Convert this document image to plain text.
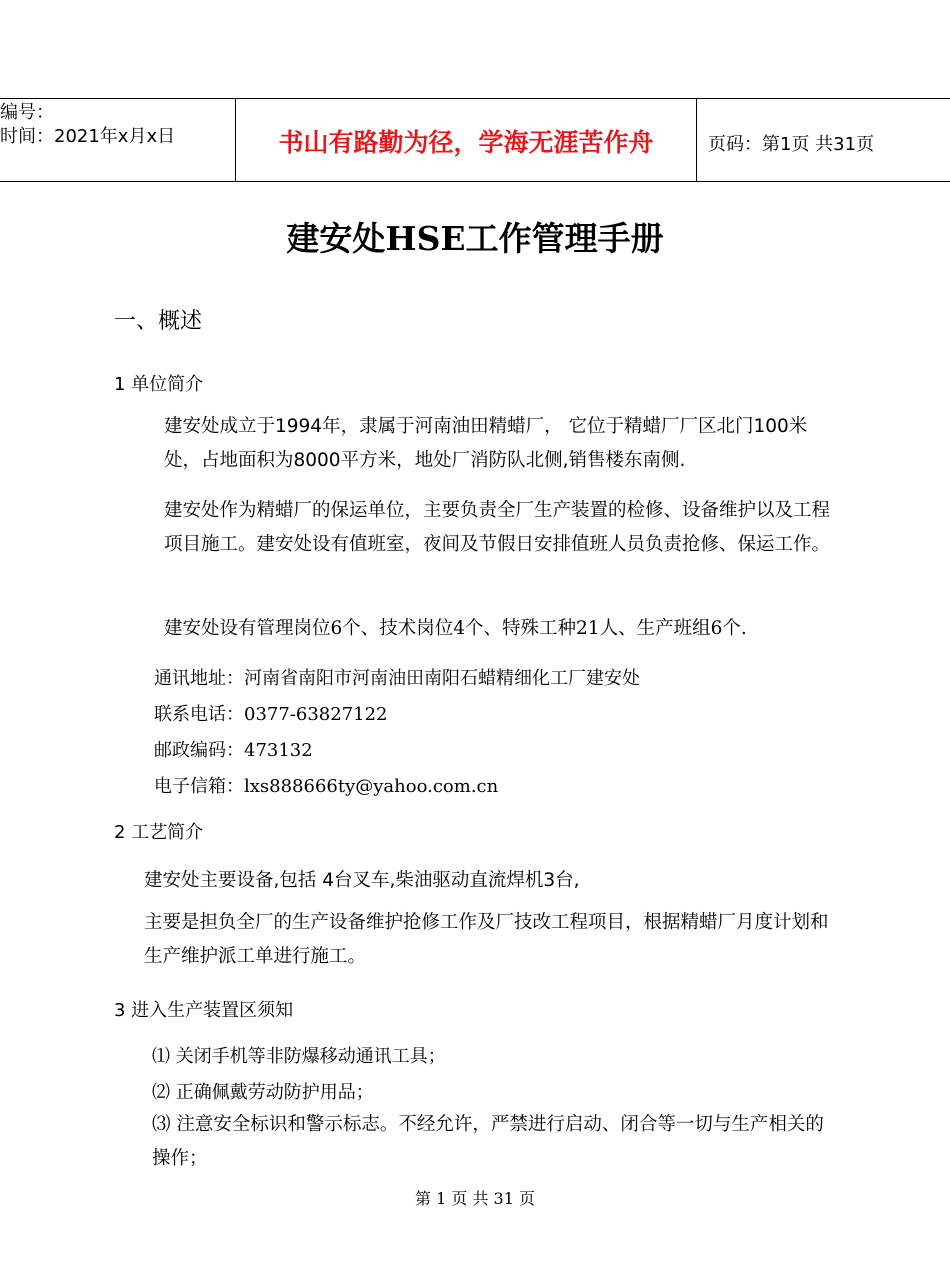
编号：
时间：2021年x月x日	书山有路勤为径，学海无涯苦作舟	页码：第1页 共31页
建安处HSE工作管理手册
一、概述
1 单位简介
建安处成立于1994年，隶属于河南油田精蜡厂， 它位于精蜡厂厂区北门100米处，占地面积为8000平方米，地处厂消防队北侧,销售楼东南侧.
建安处作为精蜡厂的保运单位，主要负责全厂生产装置的检修、设备维护以及工程项目施工。建安处设有值班室，夜间及节假日安排值班人员负责抢修、保运工作。
建安处设有管理岗位6个、技术岗位4个、特殊工种21人、生产班组6个.
通讯地址：河南省南阳市河南油田南阳石蜡精细化工厂建安处
联系电话：0377-63827122
邮政编码：473132
电子信箱：lxs888666ty@yahoo.com.cn
2 工艺简介
建安处主要设备,包括 4台叉车,柴油驱动直流焊机3台,
主要是担负全厂的生产设备维护抢修工作及厂技改工程项目，根据精蜡厂月度计划和生产维护派工单进行施工。
3 进入生产装置区须知
⑴ 关闭手机等非防爆移动通讯工具；
⑵ 正确佩戴劳动防护用品；
⑶ 注意安全标识和警示标志。不经允许，严禁进行启动、闭合等一切与生产相关的操作；
第 1 页 共 31 页
